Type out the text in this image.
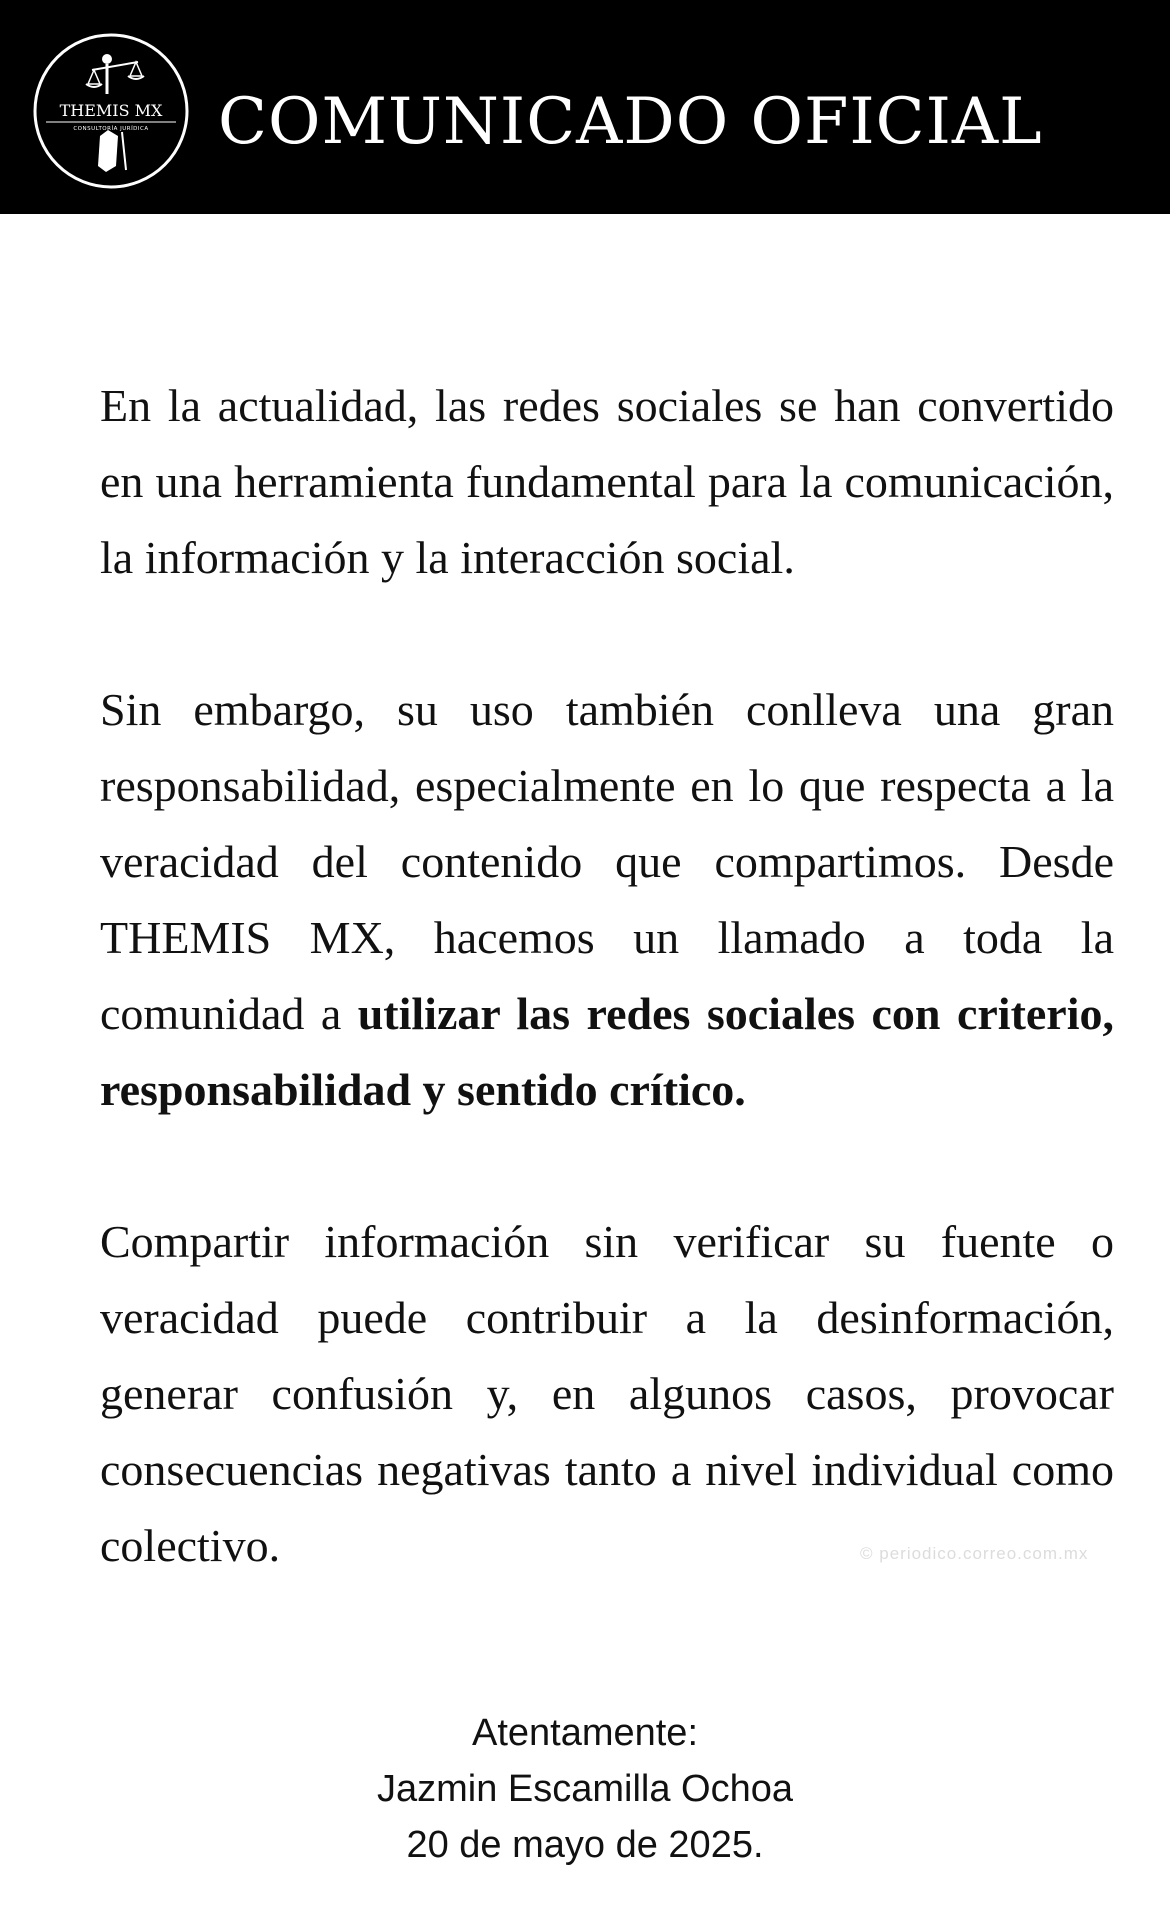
THEMIS MX
CONSULTORÍA JURÍDICA COMUNICADO OFICIAL

En la actualidad, las redes sociales se han convertido en una herramienta fundamental para la comunicación, la información y la interacción social.

Sin embargo, su uso también conlleva una gran responsabilidad, especialmente en lo que respecta a la veracidad del contenido que compartimos. Desde THEMIS MX, hacemos un llamado a toda la comunidad a utilizar las redes sociales con criterio, responsabilidad y sentido crítico.

Compartir información sin verificar su fuente o veracidad puede contribuir a la desinformación, generar confusión y, en algunos casos, provocar consecuencias negativas tanto a nivel individual como colectivo.	© periodico.correo.com.mx
Atentamente:
Jazmin Escamilla Ochoa
20 de mayo de 2025.
